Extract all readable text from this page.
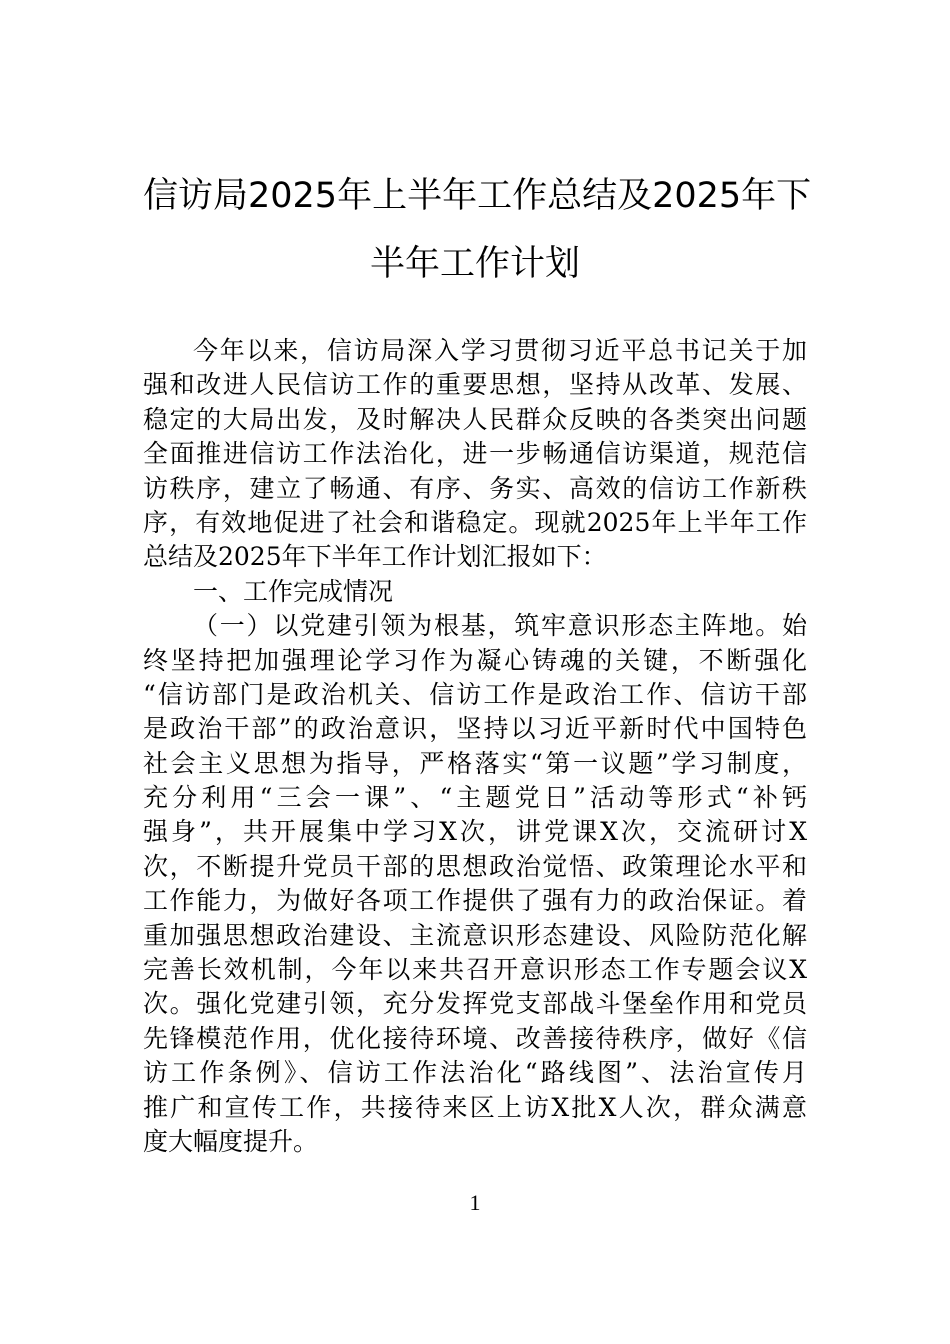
信访局2025年上半年工作总结及2025年下
半年工作计划
今年以来，信访局深入学习贯彻习近平总书记关于加
强和改进人民信访工作的重要思想，坚持从改革、发展、
稳定的大局出发，及时解决人民群众反映的各类突出问题
全面推进信访工作法治化，进一步畅通信访渠道，规范信
访秩序，建立了畅通、有序、务实、高效的信访工作新秩
序，有效地促进了社会和谐稳定。现就2025年上半年工作
总结及2025年下半年工作计划汇报如下：
一、工作完成情况
（一）以党建引领为根基，筑牢意识形态主阵地。始
终坚持把加强理论学习作为凝心铸魂的关键，不断强化
“信访部门是政治机关、信访工作是政治工作、信访干部
是政治干部”的政治意识，坚持以习近平新时代中国特色
社会主义思想为指导，严格落实“第一议题”学习制度，
充分利用“三会一课”、“主题党日”活动等形式“补钙
强身”，共开展集中学习X次，讲党课X次，交流研讨X
次，不断提升党员干部的思想政治觉悟、政策理论水平和
工作能力，为做好各项工作提供了强有力的政治保证。着
重加强思想政治建设、主流意识形态建设、风险防范化解
完善长效机制，今年以来共召开意识形态工作专题会议X
次。强化党建引领，充分发挥党支部战斗堡垒作用和党员
先锋模范作用，优化接待环境、改善接待秩序，做好《信
访工作条例》、信访工作法治化“路线图”、法治宣传月
推广和宣传工作，共接待来区上访X批X人次，群众满意
度大幅度提升。
1
